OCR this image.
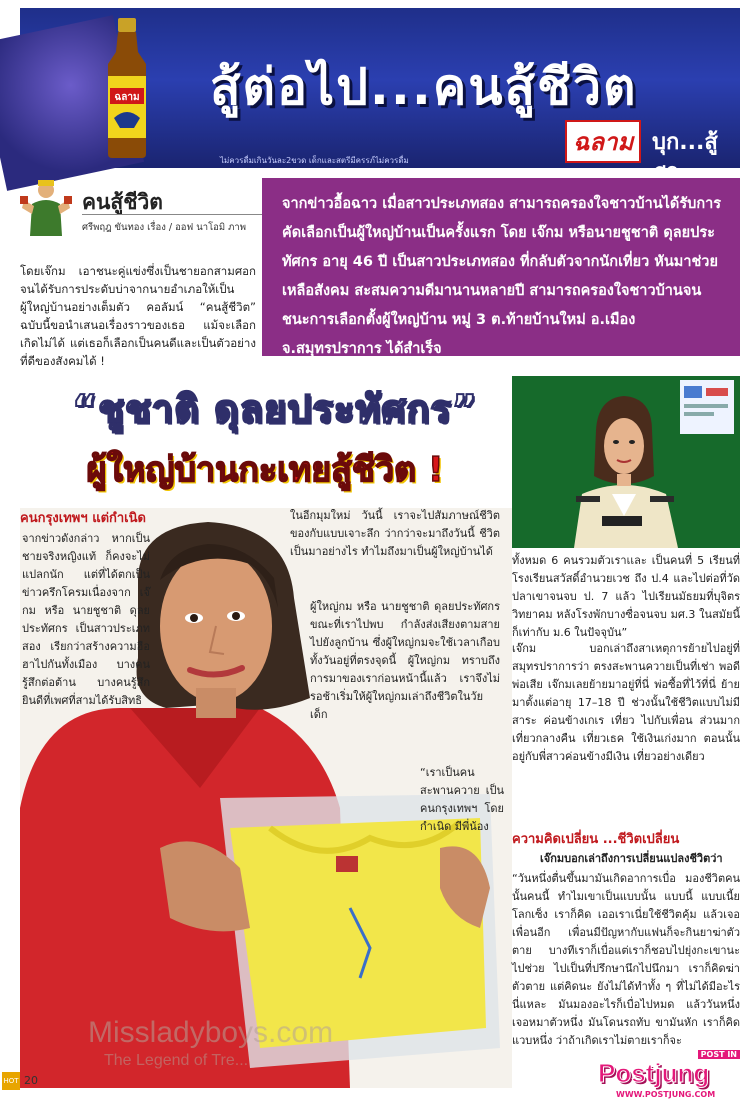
ฉลาม สู้ต่อไป...คนสู้ชีวิต
ฉลาม บุก...สู้
ไม่ควรดื่มเกินวันละ2ขวด เด็กและสตรีมีครรภ์ไม่ควรดื่ม
คนสู้ชีวิต
ศรีพฤฎ ขันทอง เรื่อง / ออฟ นาโอมิ ภาพ

โดยเจ๊กม เอาชนะคู่แข่งซึ่งเป็นชายอกสามศอกจนได้รับการประดับบ่าจากนายอำเภอให้เป็นผู้ใหญ่บ้านอย่างเต็มตัว คอลัมน์ “คนสู้ชีวิต” ฉบับนี้ขอนำเสนอเรื่องราวของเธอ แม้จะเลือกเกิดไม่ได้ แต่เธอก็เลือกเป็นคนดีและเป็นตัวอย่างที่ดีของสังคมได้ !

จากข่าวอื้อฉาว เมื่อสาวประเภทสอง สามารถครองใจชาวบ้านได้รับการคัดเลือกเป็นผู้ใหญ่บ้านเป็นครั้งแรก โดย เจ๊กม หรือนายชูชาติ ดุลยประทัศกร อายุ 46 ปี เป็นสาวประเภทสอง ที่กลับตัวจากนักเที่ยว หันมาช่วยเหลือสังคม สะสมความดีมานานหลายปี สามารถครองใจชาวบ้านจนชนะการเลือกตั้งผู้ใหญ่บ้าน หมู่ 3 ต.ท้ายบ้านใหม่ อ.เมือง จ.สมุทรปราการ ได้สำเร็จ

“ชูชาติ ดุลยประทัศกร”
ผู้ใหญ่บ้านกะเทยสู้ชีวิต !
คนกรุงเทพฯ แต่กำเนิด

จากข่าวดังกล่าว หากเป็นชายจริงหญิงแท้ ก็คงจะไม่แปลกนัก แต่ที่ได้ตกเป็นข่าวครึกโครมเนื่องจาก เจ๊กม หรือ นายชูชาติ ดุลยประทัศกร เป็นสาวประเภทสอง เรียกว่าสร้างความฮือฮาไปกันทั้งเมือง บางคนรู้สึกต่อต้าน บางคนรู้สึกยินดีที่เพศที่สามได้รับสิทธิ

ในอีกมุมใหม่ วันนี้ เราจะไปสัมภาษณ์ชีวิตของกับแบบเจาะลึก ว่ากว่าจะมาถึงวันนี้ ชีวิตเป็นมาอย่างไร ทำไมถึงมาเป็นผู้ใหญ่บ้านได้

ผู้ใหญ่กม หรือ นายชูชาติ ดุลยประทัศกร ขณะที่เราไปพบ กำลังส่งเสียงตามสาย ไปยังลูกบ้าน ซึ่งผู้ใหญ่กมจะใช้เวลาเกือบทั้งวันอยู่ที่ตรงจุดนี้ ผู้ใหญ่กม ทราบถึงการมาของเราก่อนหน้านี้แล้ว เราจึงไม่รอช้าเริ่มให้ผู้ใหญ่กมเล่าถึงชีวิตในวัยเด็ก

“เราเป็นคนสะพานควาย เป็นคนกรุงเทพฯ โดยกำเนิด มีพี่น้อง

ทั้งหมด 6 คนรวมตัวเราเเละ เป็นคนที่ 5 เรียนที่โรงเรียนสวัสดิ์อำนวยเวช ถึง ป.4 และไปต่อที่วัดปลาเขาจนจบ ป. 7 แล้ว ไปเรียนมัธยมที่บุจิตรวิทยาคม หลังโรงพักบางซื่อจนจบ มศ.3 ในสมัยนี้ก็เท่ากับ ม.6 ในปัจจุบัน”

เจ๊กม บอกเล่าถึงสาเหตุการย้ายไปอยู่ที่สมุทรปราการว่า ตรงสะพานควายเป็นที่เช่า พอดีพ่อเสีย เจ๊กมเลยย้ายมาอยู่ที่นี่ พ่อซื้อที่ไว้ที่นี่ ย้ายมาตั้งแต่อายุ 17–18 ปี ช่วงนั้นใช้ชีวิตแบบไม่มีสาระ ค่อนข้างเกเร เที่ยว ไปกับเพื่อน ส่วนมากเที่ยวกลางคืน เที่ยวเธค ใช้เงินเก่งมาก ตอนนั้นอยู่กับพี่สาวค่อนข้างมีเงิน เที่ยวอย่างเดียว

ความคิดเปลี่ยน ...ชีวิตเปลี่ยน

เจ๊กมบอกเล่าถึงการเปลี่ยนแปลงชีวิตว่า

“วันหนึ่งตื่นขึ้นมามันเกิดอาการเบื่อ มองชีวิตคนนั้นคนนี้ ทำไมเขาเป็นแบบนั้น แบบนี้ แบบเนี้ยโลกเซ็ง เราก็คิด เออเราเนี่ยใช้ชีวิตคุ้ม แล้วเจอเพื่อนอีก เพื่อนมีปัญหากับแฟนก็จะกินยาฆ่าตัวตาย บางทีเราก็เบื่อแต่เราก็ชอบไปยุ่งกะเขานะ ไปช่วย ไปเป็นที่ปรึกษานึกไปนึกมา เราก็คิดฆ่าตัวตาย แต่คิดนะ ยังไม่ได้ทำทั้ง ๆ ที่ไม่ได้มีอะไรนี่แหละ มันมองอะไรก็เบื่อไปหมด แล้ววันหนึ่ง เจอหมาตัวหนึ่ง มันโดนรถทับ ขามันหัก เราก็คิดแวบหนึ่ง ว่าถ้าเกิดเราไม่ตายเราก็จะ

HOT 20
Missladyboys.com
The Legend of Tre...	POST IN
Postjung
WWW.POSTJUNG.COM
